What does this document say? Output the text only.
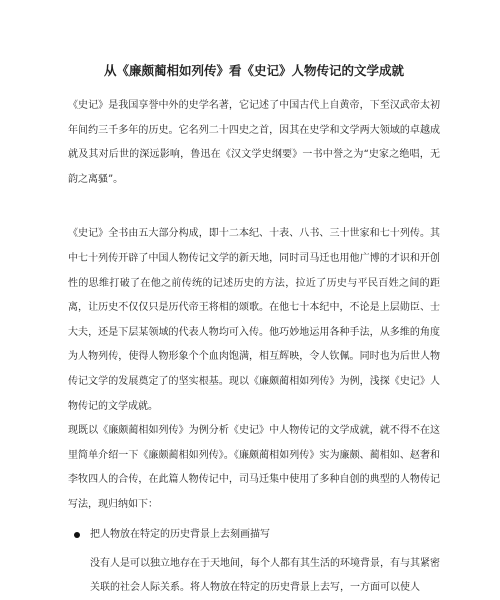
从《廉颇蔺相如列传》看《史记》人物传记的文学成就
《史记》是我国享誉中外的史学名著，它记述了中国古代上自黄帝，下至汉武帝太初年间约三千多年的历史。它名列二十四史之首，因其在史学和文学两大领域的卓越成就及其对后世的深远影响，鲁迅在《汉文学史纲要》一书中誉之为“史家之绝唱，无韵之离骚”。
《史记》全书由五大部分构成，即十二本纪、十表、八书、三十世家和七十列传。其中七十列传开辟了中国人物传记文学的新天地，同时司马迁也用他广博的才识和开创性的思维打破了在他之前传统的记述历史的方法，拉近了历史与平民百姓之间的距离，让历史不仅仅只是历代帝王将相的颂歌。在他七十本纪中，不论是上层勋臣、士大夫，还是下层某领域的代表人物均可入传。他巧妙地运用各种手法，从多维的角度为人物列传，使得人物形象个个血肉饱满，相互辉映，令人钦佩。同时也为后世人物传记文学的发展奠定了的坚实根基。现以《廉颇蔺相如列传》为例，浅探《史记》人物传记的文学成就。
现既以《廉颇蔺相如列传》为例分析《史记》中人物传记的文学成就，就不得不在这里简单介绍一下《廉颇蔺相如列传》。《廉颇蔺相如列传》实为廉颇、蔺相如、赵奢和李牧四人的合传，在此篇人物传记中，司马迁集中使用了多种自创的典型的人物传记写法，现归纳如下：
把人物放在特定的历史背景上去刻画描写
没有人是可以独立地存在于天地间，每个人都有其生活的环境背景，有与其紧密关联的社会人际关系。将人物放在特定的历史背景上去写，一方面可以使人
